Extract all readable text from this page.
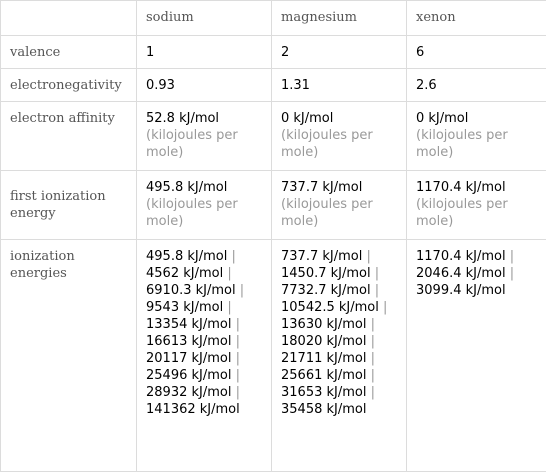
	sodium	magnesium	xenon
valence	1	2	6
electronegativity	0.93	1.31	2.6
electron affinity	52.8 kJ/mol (kilojoules per mole)	0 kJ/mol (kilojoules per mole)	0 kJ/mol (kilojoules per mole)
first ionization energy	495.8 kJ/mol (kilojoules per mole)	737.7 kJ/mol (kilojoules per mole)	1170.4 kJ/mol (kilojoules per mole)
ionization energies	495.8 kJ/mol | 4562 kJ/mol | 6910.3 kJ/mol | 9543 kJ/mol | 13354 kJ/mol | 16613 kJ/mol | 20117 kJ/mol | 25496 kJ/mol | 28932 kJ/mol | 141362 kJ/mol	737.7 kJ/mol | 1450.7 kJ/mol | 7732.7 kJ/mol | 10542.5 kJ/mol | 13630 kJ/mol | 18020 kJ/mol | 21711 kJ/mol | 25661 kJ/mol | 31653 kJ/mol | 35458 kJ/mol	1170.4 kJ/mol | 2046.4 kJ/mol | 3099.4 kJ/mol
